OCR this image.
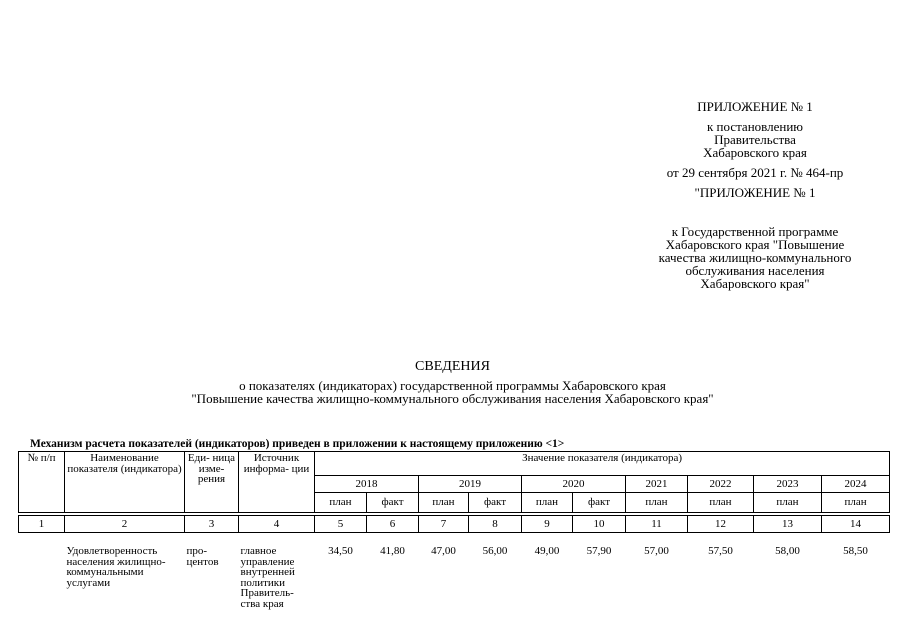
ПРИЛОЖЕНИЕ № 1
к постановлению
Правительства
Хабаровского края
от 29 сентября 2021 г. № 464-пр
"ПРИЛОЖЕНИЕ № 1
к Государственной программе
Хабаровского края "Повышение
качества жилищно-коммунального
обслуживания населения
Хабаровского края"
СВЕДЕНИЯ
о показателях (индикаторах) государственной программы Хабаровского края
"Повышение качества жилищно-коммунального обслуживания населения Хабаровского края"
Механизм расчета показателей (индикаторов) приведен в приложении к настоящему приложению <1>
№ п/п	Наименование показателя (индикатора)	Еди- ница изме- рения	Источник информа- ции	Значение показателя (индикатора)									
				2018		2019		2020		2021	2022	2023	2024
				план	факт	план	факт	план	факт	план	план	план	план

1	2	3	4	5	6	7	8	9	10	11	12	13	14

	Удовлетворенность населения жилищно-коммунальными услугами	про- центов	главное управление внутренней политики Правитель- ства края	34,50	41,80	47,00	56,00	49,00	57,90	57,00	57,50	58,00	58,50
